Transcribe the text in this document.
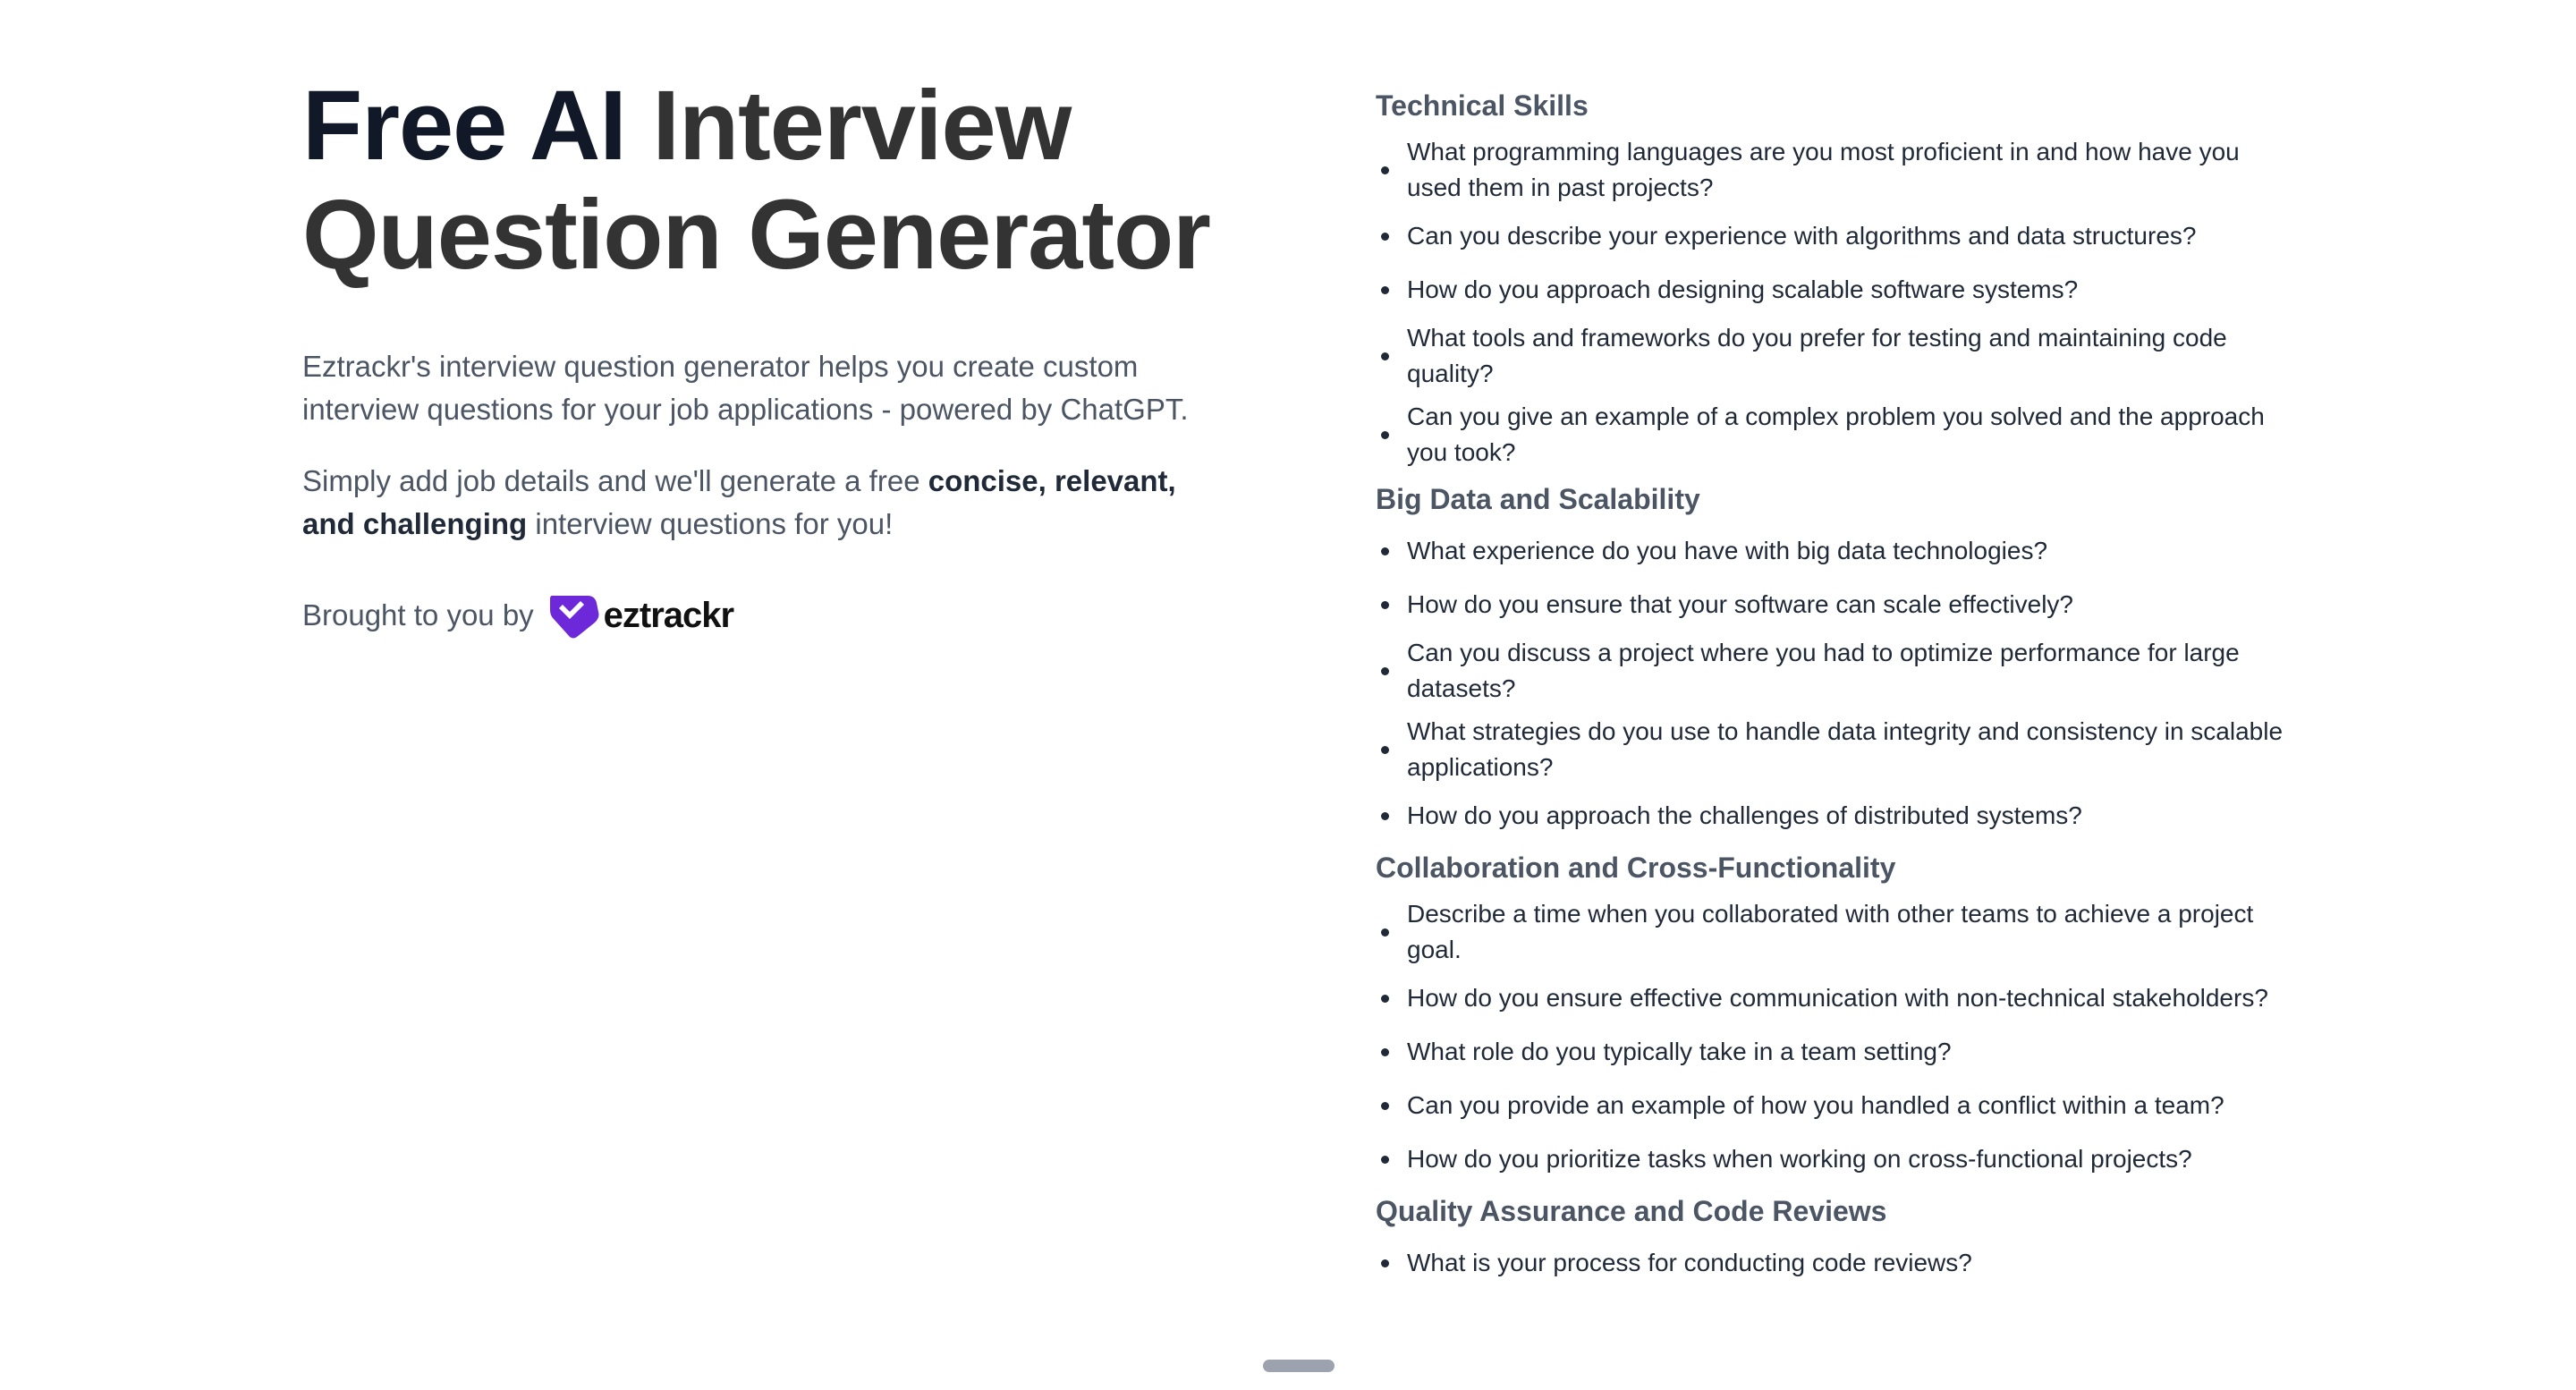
Free AI Interview Question Generator

Eztrackr's interview question generator helps you create custom interview questions for your job applications - powered by ChatGPT.

Simply add job details and we'll generate a free concise, relevant, and challenging interview questions for you!

Brought to you by eztrackr
Technical Skills
What programming languages are you most proficient in and how have you used them in past projects?
Can you describe your experience with algorithms and data structures?
How do you approach designing scalable software systems?
What tools and frameworks do you prefer for testing and maintaining code quality?
Can you give an example of a complex problem you solved and the approach you took?
Big Data and Scalability
What experience do you have with big data technologies?
How do you ensure that your software can scale effectively?
Can you discuss a project where you had to optimize performance for large datasets?
What strategies do you use to handle data integrity and consistency in scalable applications?
How do you approach the challenges of distributed systems?
Collaboration and Cross-Functionality
Describe a time when you collaborated with other teams to achieve a project goal.
How do you ensure effective communication with non-technical stakeholders?
What role do you typically take in a team setting?
Can you provide an example of how you handled a conflict within a team?
How do you prioritize tasks when working on cross-functional projects?
Quality Assurance and Code Reviews
What is your process for conducting code reviews?
